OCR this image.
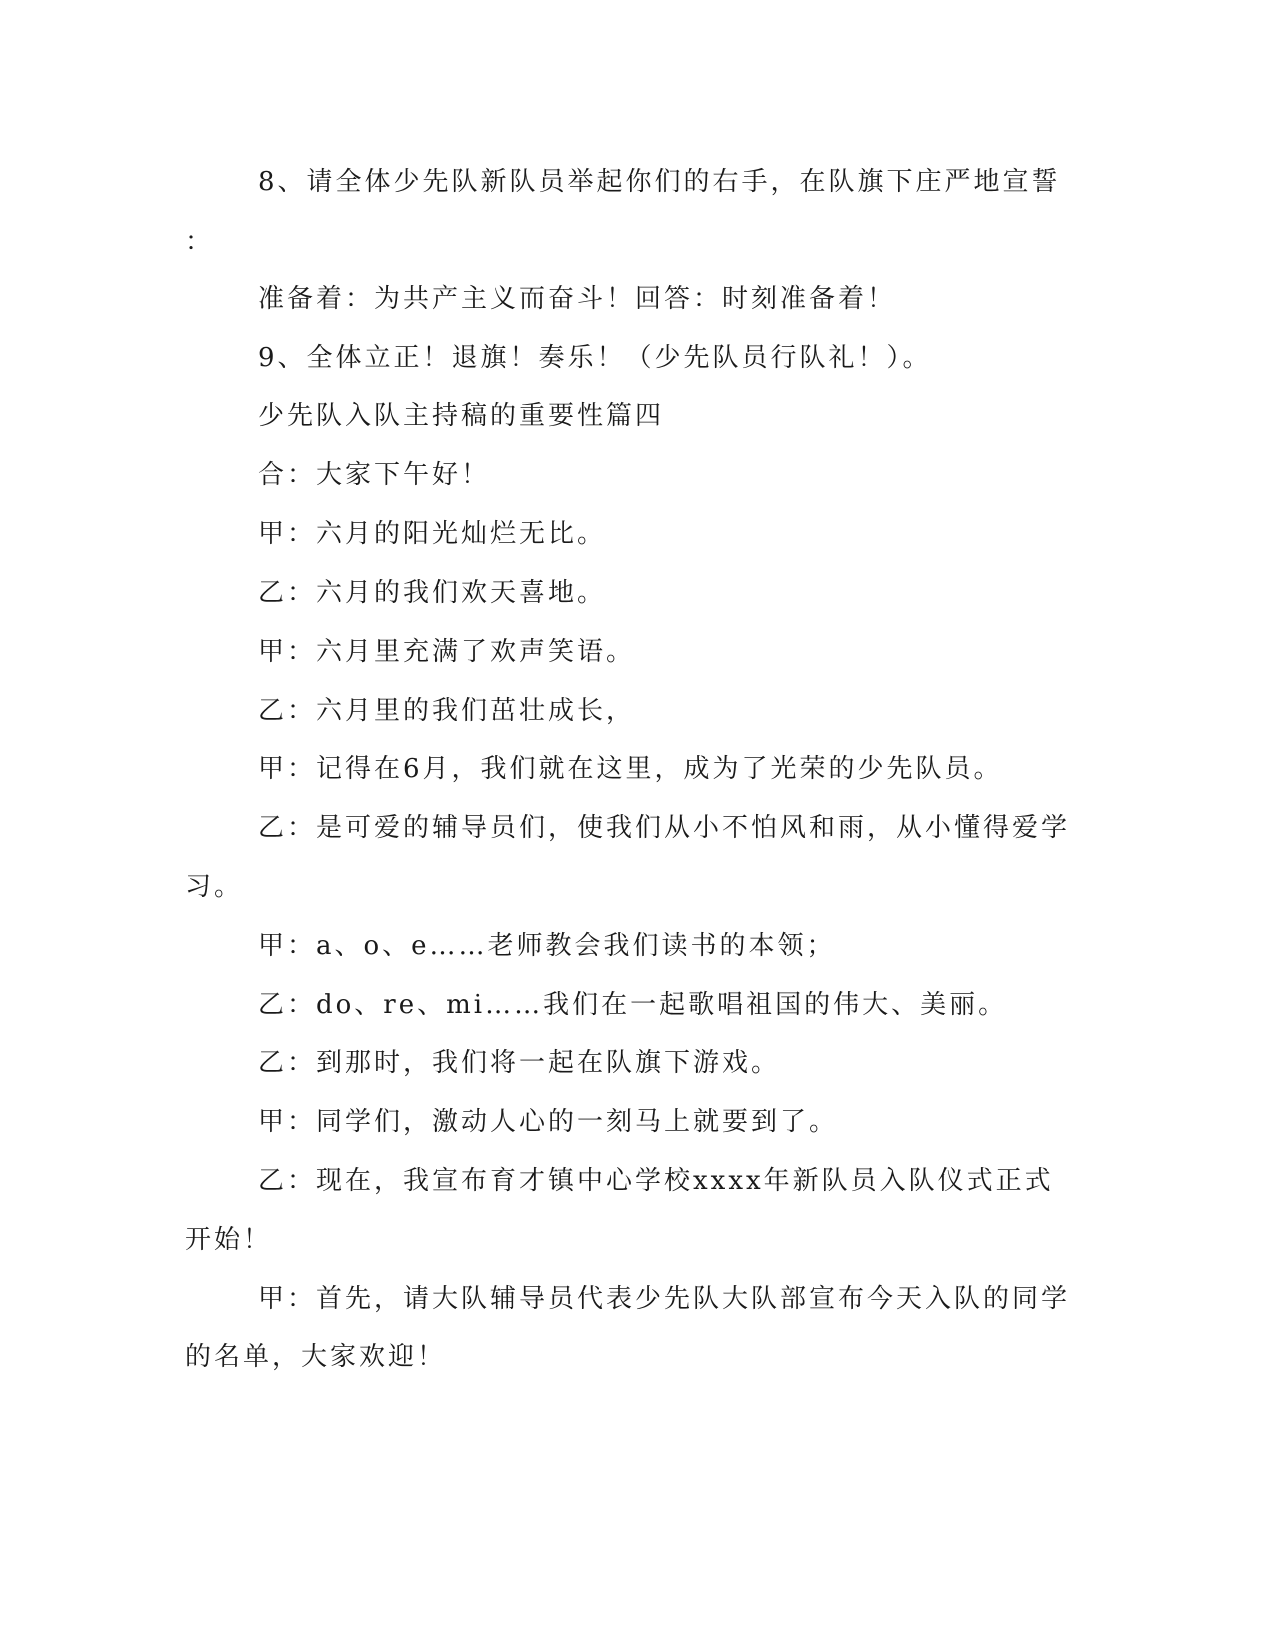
8、请全体少先队新队员举起你们的右手，在队旗下庄严地宣誓
：
准备着：为共产主义而奋斗！回答：时刻准备着！
9、全体立正！退旗！奏乐！（少先队员行队礼！）。
少先队入队主持稿的重要性篇四
合：大家下午好！
甲：六月的阳光灿烂无比。
乙：六月的我们欢天喜地。
甲：六月里充满了欢声笑语。
乙：六月里的我们茁壮成长，
甲：记得在6月，我们就在这里，成为了光荣的少先队员。
乙：是可爱的辅导员们，使我们从小不怕风和雨，从小懂得爱学
习。
甲：a、o、e……老师教会我们读书的本领；
乙：do、re、mi……我们在一起歌唱祖国的伟大、美丽。
乙：到那时，我们将一起在队旗下游戏。
甲：同学们，激动人心的一刻马上就要到了。
乙：现在，我宣布育才镇中心学校xxxx年新队员入队仪式正式
开始！
甲：首先，请大队辅导员代表少先队大队部宣布今天入队的同学
的名单，大家欢迎！
